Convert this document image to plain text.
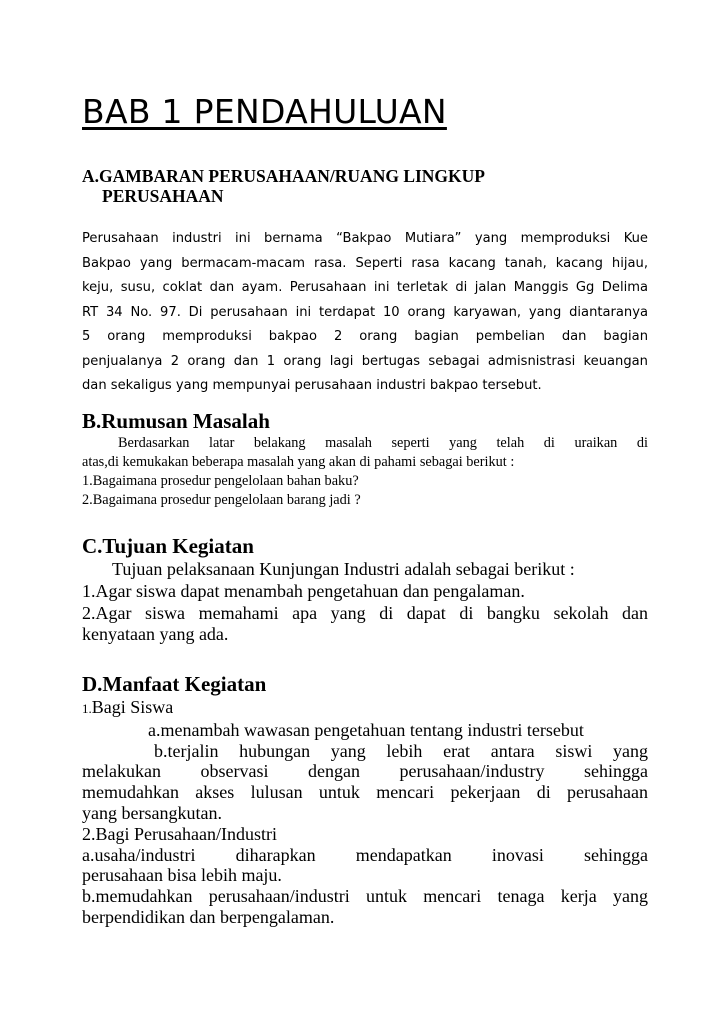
BAB 1 PENDAHULUAN
A.GAMBARAN PERUSAHAAN/RUANG LINGKUP
PERUSAHAAN
Perusahaan industri ini bernama “Bakpao Mutiara” yang memproduksi Kue
Bakpao yang bermacam-macam rasa. Seperti rasa kacang tanah, kacang hijau,
keju, susu, coklat dan ayam. Perusahaan ini terletak di jalan Manggis Gg Delima
RT 34 No. 97. Di perusahaan ini terdapat 10 orang karyawan, yang diantaranya
5 orang memproduksi bakpao 2 orang bagian pembelian dan bagian
penjualanya 2 orang dan 1 orang lagi bertugas sebagai admisnistrasi keuangan
dan sekaligus yang mempunyai perusahaan industri bakpao tersebut.
B.Rumusan Masalah
Berdasarkan latar belakang masalah seperti yang telah di uraikan di
atas,di kemukakan beberapa masalah yang akan di pahami sebagai berikut :
1.Bagaimana prosedur pengelolaan bahan baku?
2.Bagaimana prosedur pengelolaan barang jadi ?
C.Tujuan Kegiatan
Tujuan pelaksanaan Kunjungan Industri adalah sebagai berikut :
1.Agar siswa dapat menambah pengetahuan dan pengalaman.
2.Agar siswa memahami apa yang di dapat di bangku sekolah dan
kenyataan yang ada.
D.Manfaat Kegiatan
1.Bagi Siswa
a.menambah wawasan pengetahuan tentang industri tersebut
b.terjalin hubungan yang lebih erat antara siswi yang
melakukan observasi dengan perusahaan/industry sehingga
memudahkan akses lulusan untuk mencari pekerjaan di perusahaan
yang bersangkutan.
2.Bagi Perusahaan/Industri
a.usaha/industri diharapkan mendapatkan inovasi sehingga
perusahaan bisa lebih maju.
b.memudahkan perusahaan/industri untuk mencari tenaga kerja yang
berpendidikan dan berpengalaman.
